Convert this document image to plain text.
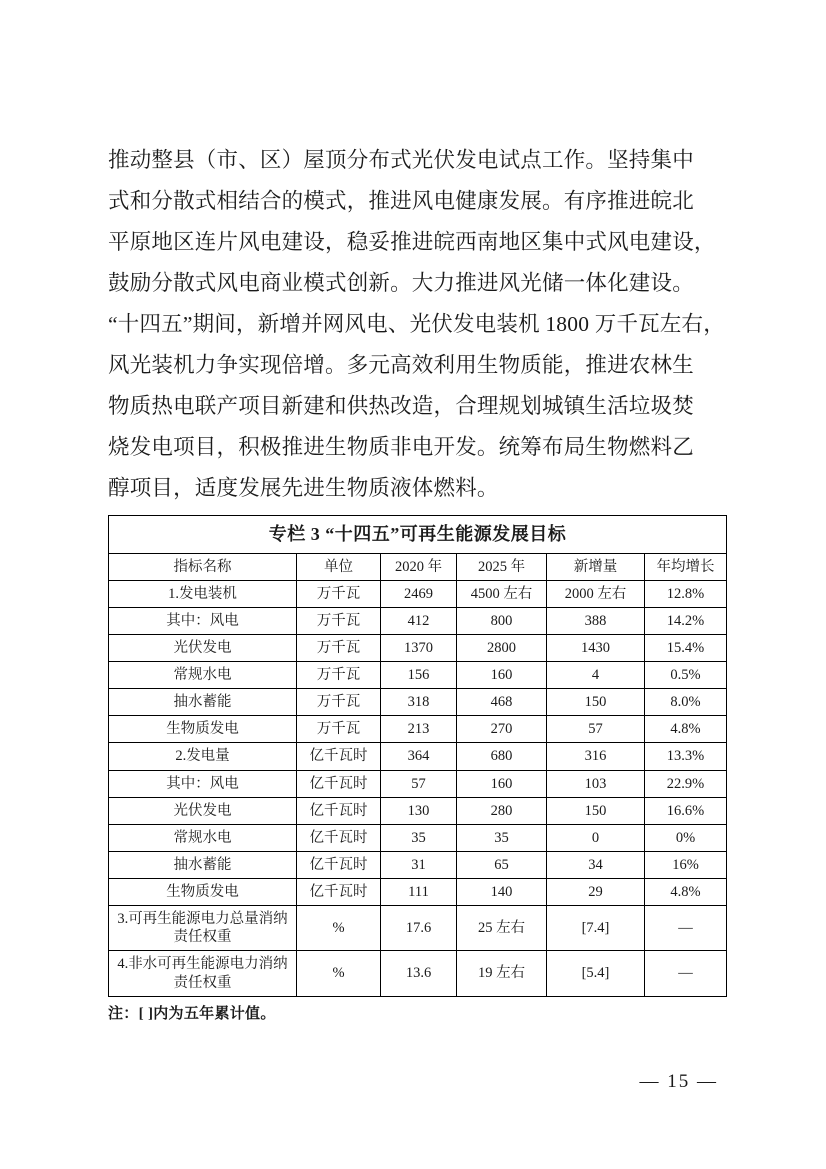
推动整县（市、区）屋顶分布式光伏发电试点工作。坚持集中
式和分散式相结合的模式，推进风电健康发展。有序推进皖北
平原地区连片风电建设，稳妥推进皖西南地区集中式风电建设，
鼓励分散式风电商业模式创新。大力推进风光储一体化建设。
“十四五”期间，新增并网风电、光伏发电装机 1800 万千瓦左右，
风光装机力争实现倍增。多元高效利用生物质能，推进农林生
物质热电联产项目新建和供热改造，合理规划城镇生活垃圾焚
烧发电项目，积极推进生物质非电开发。统筹布局生物燃料乙
醇项目，适度发展先进生物质液体燃料。
专栏 3 “十四五”可再生能源发展目标					
指标名称	单位	2020 年	2025 年	新增量	年均增长
1.发电装机	万千瓦	2469	4500 左右	2000 左右	12.8%
其中：风电	万千瓦	412	800	388	14.2%
光伏发电	万千瓦	1370	2800	1430	15.4%
常规水电	万千瓦	156	160	4	0.5%
抽水蓄能	万千瓦	318	468	150	8.0%
生物质发电	万千瓦	213	270	57	4.8%
2.发电量	亿千瓦时	364	680	316	13.3%
其中：风电	亿千瓦时	57	160	103	22.9%
光伏发电	亿千瓦时	130	280	150	16.6%
常规水电	亿千瓦时	35	35	0	0%
抽水蓄能	亿千瓦时	31	65	34	16%
生物质发电	亿千瓦时	111	140	29	4.8%
3.可再生能源电力总量消纳责任权重	%	17.6	25 左右	[7.4]	—
4.非水可再生能源电力消纳责任权重	%	13.6	19 左右	[5.4]	—
注：[ ]内为五年累计值。
— 15 —
